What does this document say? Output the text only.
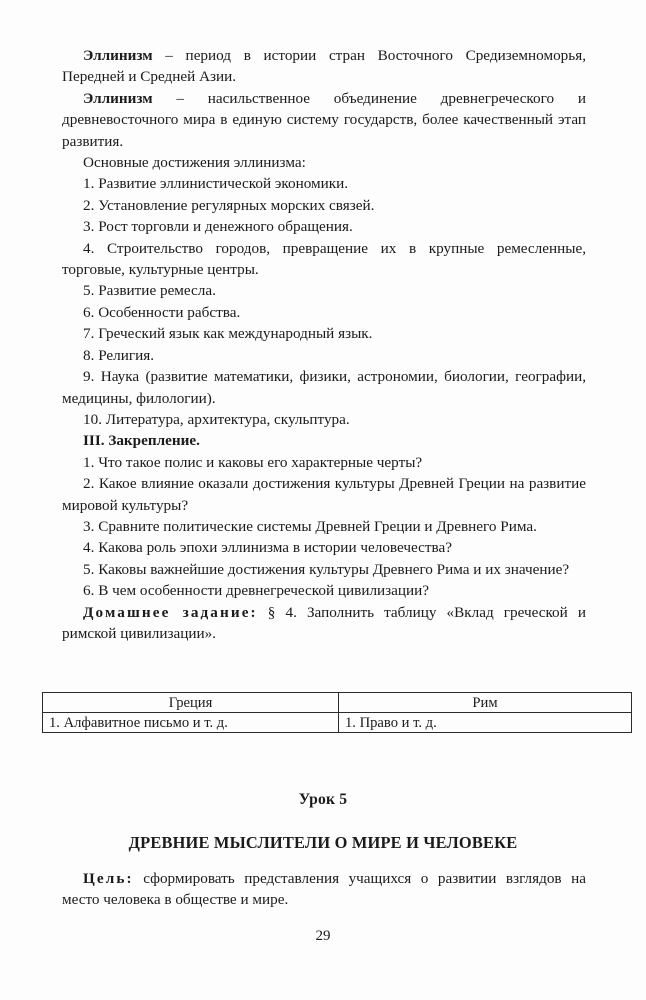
Эллинизм – период в истории стран Восточного Средиземноморья, Передней и Средней Азии.

Эллинизм – насильственное объединение древнегреческого и древневосточного мира в единую систему государств, более качественный этап развития.

Основные достижения эллинизма:

1. Развитие эллинистической экономики.

2. Установление регулярных морских связей.

3. Рост торговли и денежного обращения.

4. Строительство городов, превращение их в крупные ремесленные, торговые, культурные центры.

5. Развитие ремесла.

6. Особенности рабства.

7. Греческий язык как международный язык.

8. Религия.

9. Наука (развитие математики, физики, астрономии, биологии, географии, медицины, филологии).

10. Литература, архитектура, скульптура.

III. Закрепление.

1. Что такое полис и каковы его характерные черты?

2. Какое влияние оказали достижения культуры Древней Греции на развитие мировой культуры?

3. Сравните политические системы Древней Греции и Древнего Рима.

4. Какова роль эпохи эллинизма в истории человечества?

5. Каковы важнейшие достижения культуры Древнего Рима и их значение?

6. В чем особенности древнегреческой цивилизации?

Домашнее задание: § 4. Заполнить таблицу «Вклад греческой и римской цивилизации».

Греция	Рим
1. Алфавитное письмо и т. д.	1. Право и т. д.
Урок 5
ДРЕВНИЕ МЫСЛИТЕЛИ О МИРЕ И ЧЕЛОВЕКЕ

Цель: сформировать представления учащихся о развитии взглядов на место человека в обществе и мире.

29
